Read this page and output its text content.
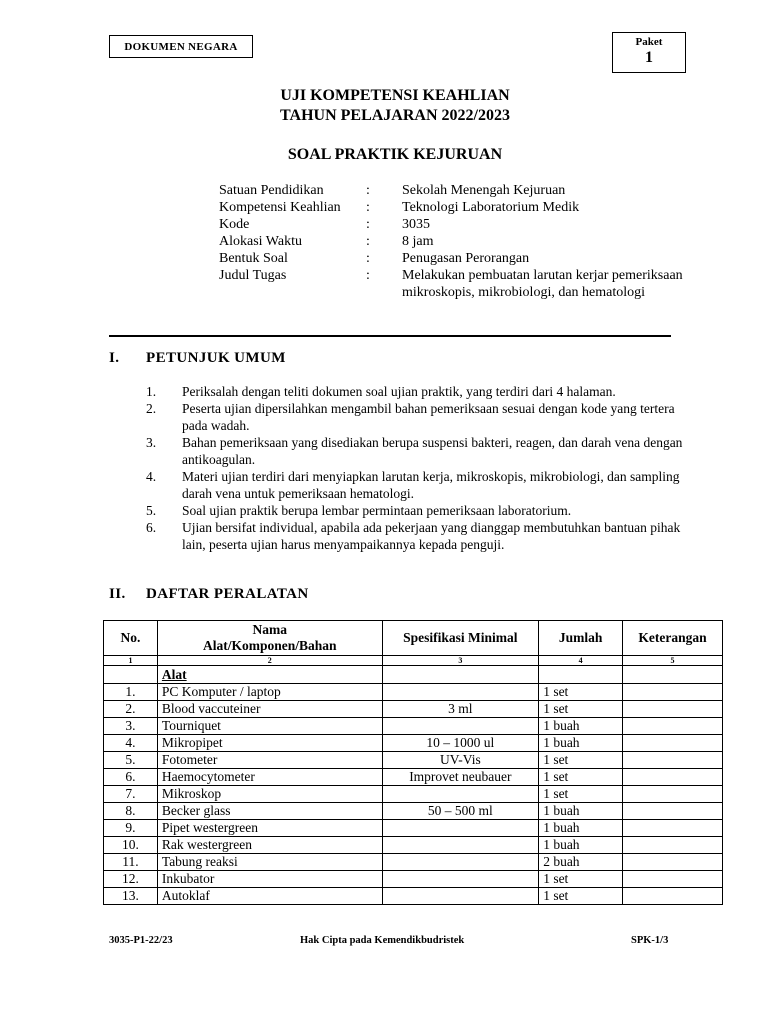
DOKUMEN NEGARA	Paket
1
UJI KOMPETENSI KEAHLIAN
TAHUN PELAJARAN 2022/2023
SOAL PRAKTIK KEJURUAN
Satuan Pendidikan	:	Sekolah Menengah Kejuruan
Kompetensi Keahlian	:	Teknologi Laboratorium Medik
Kode	:	3035
Alokasi Waktu	:	8 jam
Bentuk Soal	:	Penugasan Perorangan
Judul Tugas	:	Melakukan pembuatan larutan kerjar pemeriksaan mikroskopis, mikrobiologi, dan hematologi
I. PETUNJUK UMUM
1.	Periksalah dengan teliti dokumen soal ujian praktik, yang terdiri dari 4 halaman.
2.	Peserta ujian dipersilahkan mengambil bahan pemeriksaan sesuai dengan kode yang tertera pada wadah.
3.	Bahan pemeriksaan yang disediakan berupa suspensi bakteri, reagen, dan darah vena dengan antikoagulan.
4.	Materi ujian terdiri dari menyiapkan larutan kerja, mikroskopis, mikrobiologi, dan sampling darah vena untuk pemeriksaan hematologi.
5.	Soal ujian praktik berupa lembar permintaan pemeriksaan laboratorium.
6.	Ujian bersifat individual, apabila ada pekerjaan yang dianggap membutuhkan bantuan pihak lain, peserta ujian harus menyampaikannya kepada penguji.
II. DAFTAR PERALATAN
No.	Nama
Alat/Komponen/Bahan	Spesifikasi Minimal	Jumlah	Keterangan
1	2	3	4	5
	Alat			
1.	PC Komputer / laptop		1 set	
2.	Blood vaccuteiner	3 ml	1 set	
3.	Tourniquet		1 buah	
4.	Mikropipet	10 – 1000 ul	1 buah	
5.	Fotometer	UV-Vis	1 set	
6.	Haemocytometer	Improvet neubauer	1 set	
7.	Mikroskop		1 set	
8.	Becker glass	50 – 500 ml	1 buah	
9.	Pipet westergreen		1 buah	
10.	Rak westergreen		1 buah	
11.	Tabung reaksi		2 buah	
12.	Inkubator		1 set	
13.	Autoklaf		1 set	
3035-P1-22/23	Hak Cipta pada Kemendikbudristek	SPK-1/3
